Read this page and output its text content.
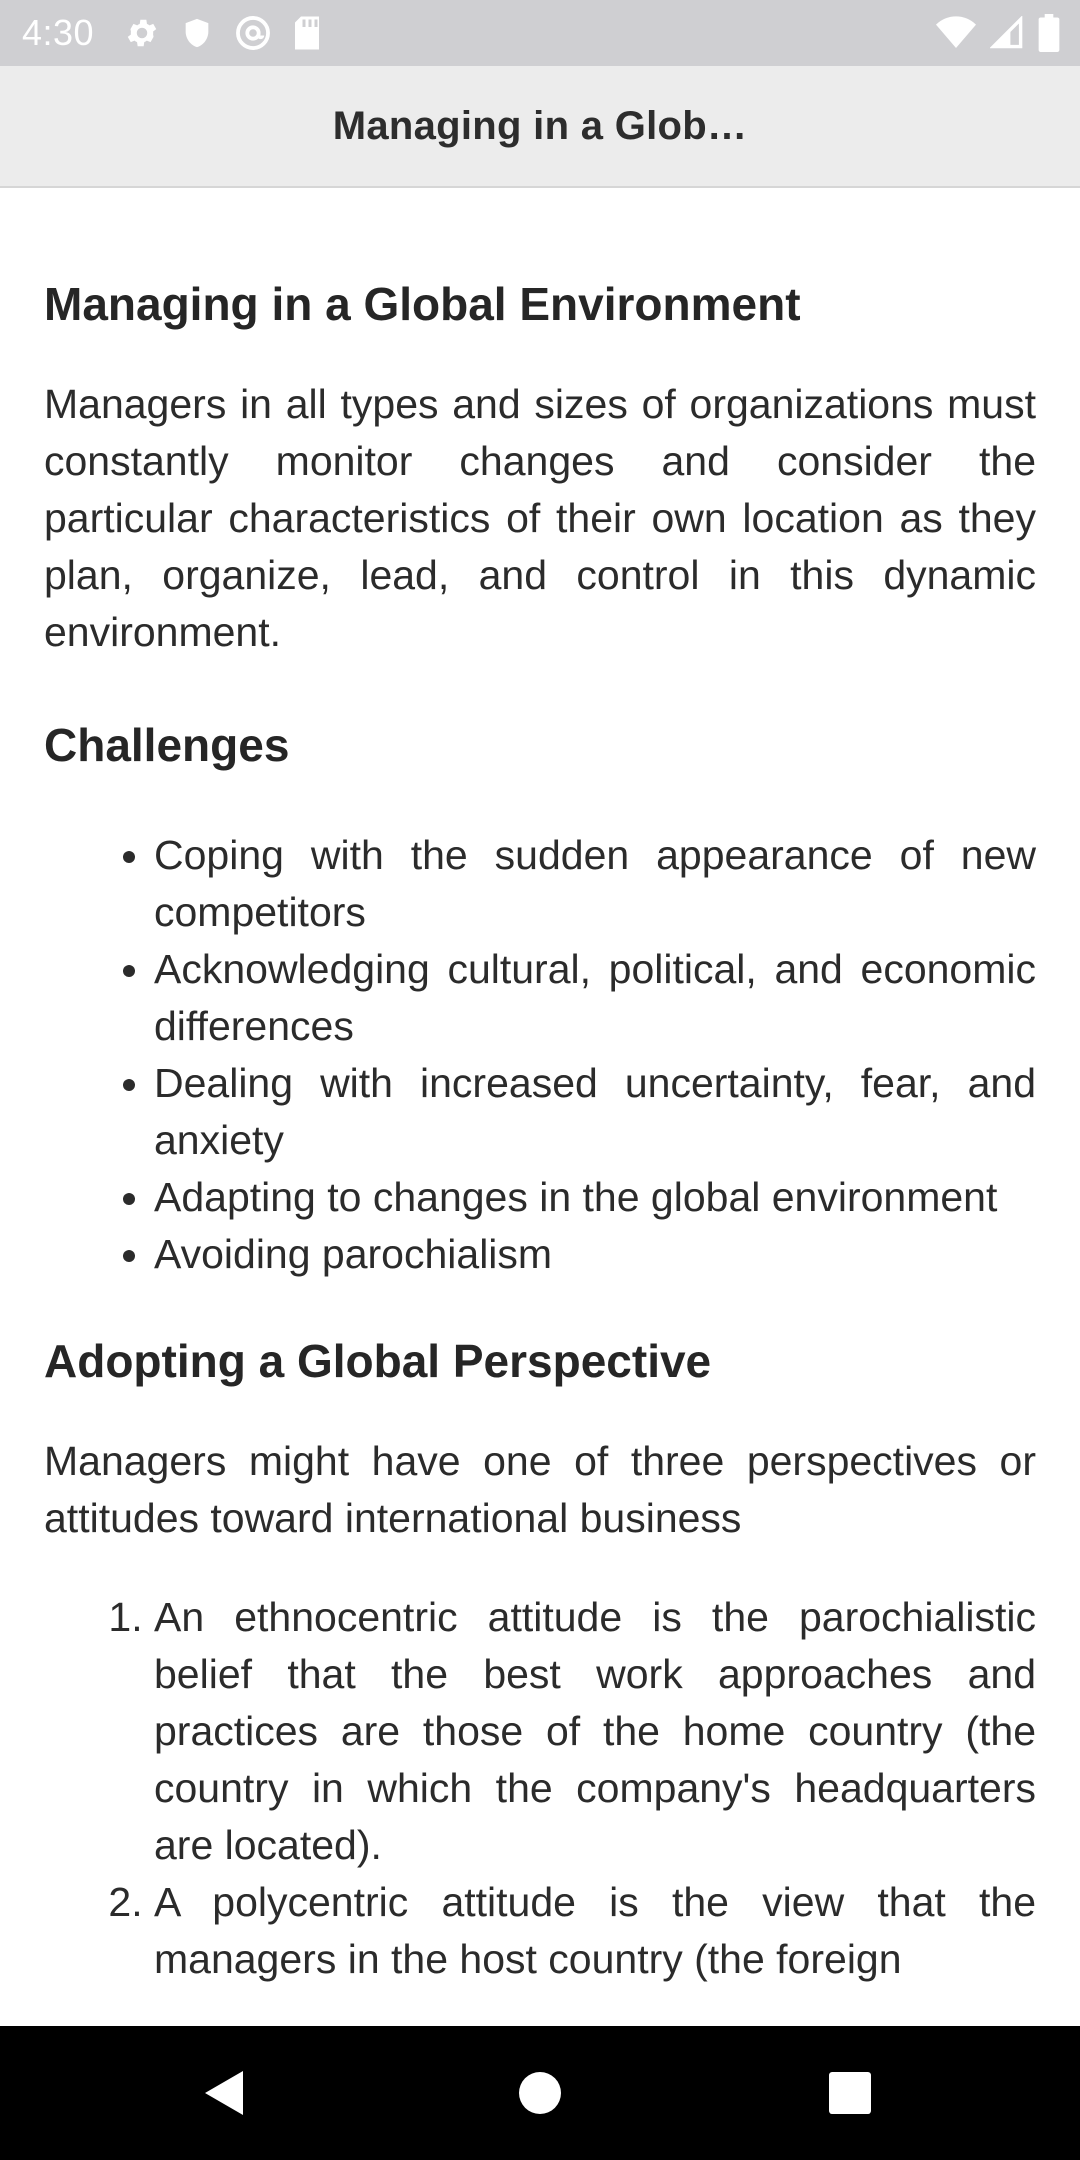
4:30
Managing in a Glob…
Managing in a Global Environment

Managers in all types and sizes of organizations must constantly monitor changes and consider the particular characteristics of their own location as they plan, organize, lead, and control in this dynamic environment.

Challenges
• Coping with the sudden appearance of new competitors
• Acknowledging cultural, political, and economic differences
• Dealing with increased uncertainty, fear, and anxiety
• Adapting to changes in the global environment
• Avoiding parochialism
Adopting a Global Perspective

Managers might have one of three perspectives or attitudes toward international business

1. An ethnocentric attitude is the parochialistic belief that the best work approaches and practices are those of the home country (the country in which the company's headquarters are located).
2. A polycentric attitude is the view that the managers in the host country (the foreign
